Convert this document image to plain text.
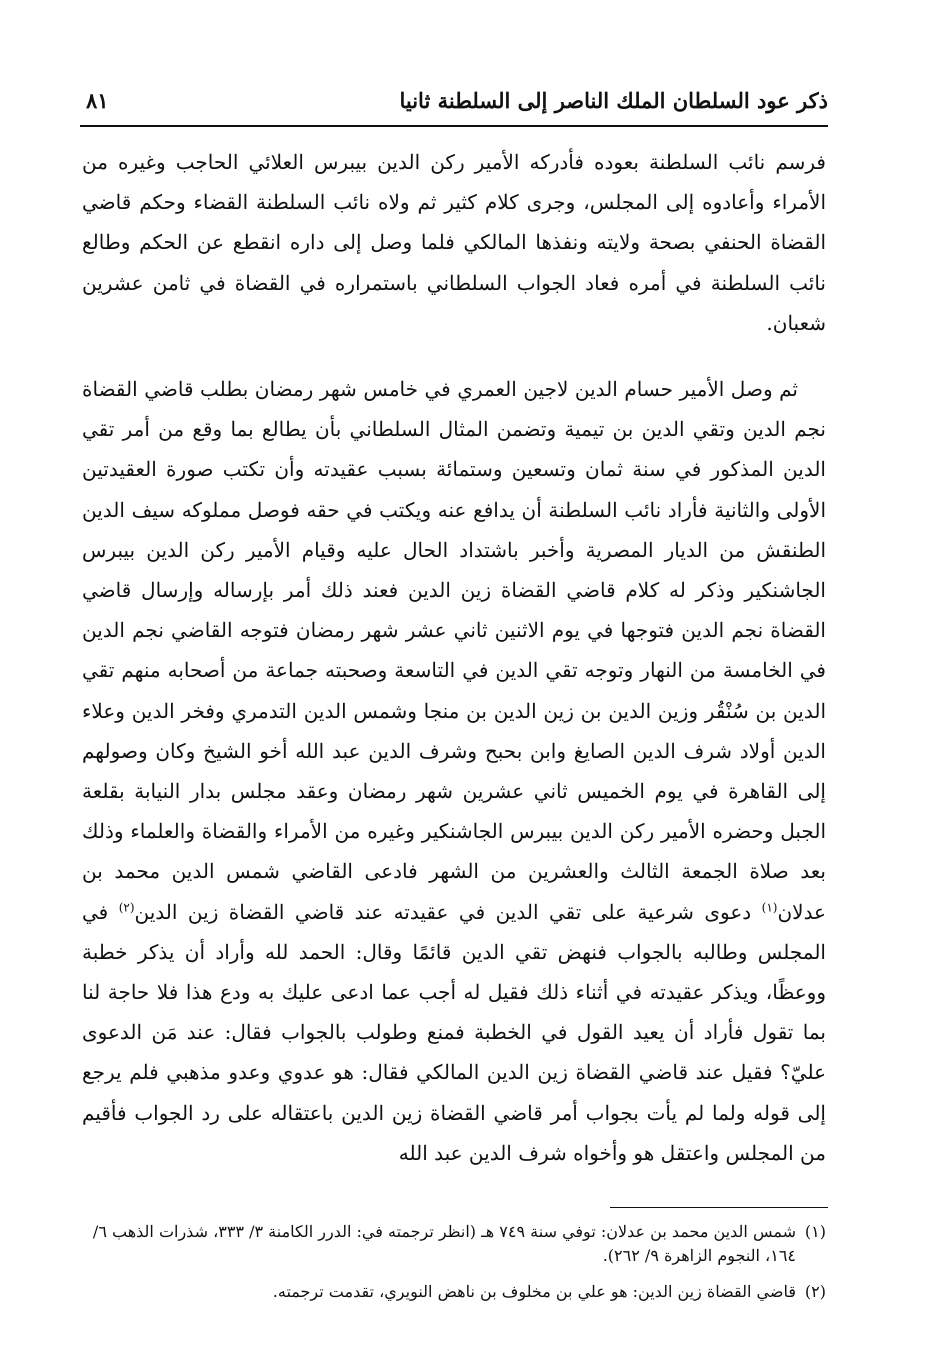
ذكر عود السلطان الملك الناصر إلى السلطنة ثانيا
٨١

فرسم نائب السلطنة بعوده فأدركه الأمير ركن الدين بيبرس العلائي الحاجب وغيره من الأمراء وأعادوه إلى المجلس، وجرى كلام كثير ثم ولاه نائب السلطنة القضاء وحكم قاضي القضاة الحنفي بصحة ولايته ونفذها المالكي فلما وصل إلى داره انقطع عن الحكم وطالع نائب السلطنة في أمره فعاد الجواب السلطاني باستمراره في القضاة في ثامن عشرين شعبان.

ثم وصل الأمير حسام الدين لاجين العمري في خامس شهر رمضان بطلب قاضي القضاة نجم الدين وتقي الدين بن تيمية وتضمن المثال السلطاني بأن يطالع بما وقع من أمر تقي الدين المذكور في سنة ثمان وتسعين وستمائة بسبب عقيدته وأن تكتب صورة العقيدتين الأولى والثانية فأراد نائب السلطنة أن يدافع عنه ويكتب في حقه فوصل مملوكه سيف الدين الطنقش من الديار المصرية وأخبر باشتداد الحال عليه وقيام الأمير ركن الدين بيبرس الجاشنكير وذكر له كلام قاضي القضاة زين الدين فعند ذلك أمر بإرساله وإرسال قاضي القضاة نجم الدين فتوجها في يوم الاثنين ثاني عشر شهر رمضان فتوجه القاضي نجم الدين في الخامسة من النهار وتوجه تقي الدين في التاسعة وصحبته جماعة من أصحابه منهم تقي الدين بن سُنْقُر وزين الدين بن زين الدين بن منجا وشمس الدين التدمري وفخر الدين وعلاء الدين أولاد شرف الدين الصايغ وابن بحبح وشرف الدين عبد الله أخو الشيخ وكان وصولهم إلى القاهرة في يوم الخميس ثاني عشرين شهر رمضان وعقد مجلس بدار النيابة بقلعة الجبل وحضره الأمير ركن الدين بيبرس الجاشنكير وغيره من الأمراء والقضاة والعلماء وذلك بعد صلاة الجمعة الثالث والعشرين من الشهر فادعى القاضي شمس الدين محمد بن عدلان$^{(١)}$ دعوى شرعية على تقي الدين في عقيدته عند قاضي القضاة زين الدين$^{(٢)}$ في المجلس وطالبه بالجواب فنهض تقي الدين قائمًا وقال: الحمد لله وأراد أن يذكر خطبة ووعظًا، ويذكر عقيدته في أثناء ذلك فقيل له أجب عما ادعى عليك به ودع هذا فلا حاجة لنا بما تقول فأراد أن يعيد القول في الخطبة فمنع وطولب بالجواب فقال: عند مَن الدعوى عليّ؟ فقيل عند قاضي القضاة زين الدين المالكي فقال: هو عدوي وعدو مذهبي فلم يرجع إلى قوله ولما لم يأت بجواب أمر قاضي القضاة زين الدين باعتقاله على رد الجواب فأقيم من المجلس واعتقل هو وأخواه شرف الدين عبد الله

(١)
شمس الدين محمد بن عدلان: توفي سنة ٧٤٩ هـ (انظر ترجمته في: الدرر الكامنة ٣/ ٣٣٣، شذرات الذهب ٦/ ١٦٤، النجوم الزاهرة ٩/ ٢٦٢).
(٢)
قاضي القضاة زين الدين: هو علي بن مخلوف بن ناهض النويري، تقدمت ترجمته.
